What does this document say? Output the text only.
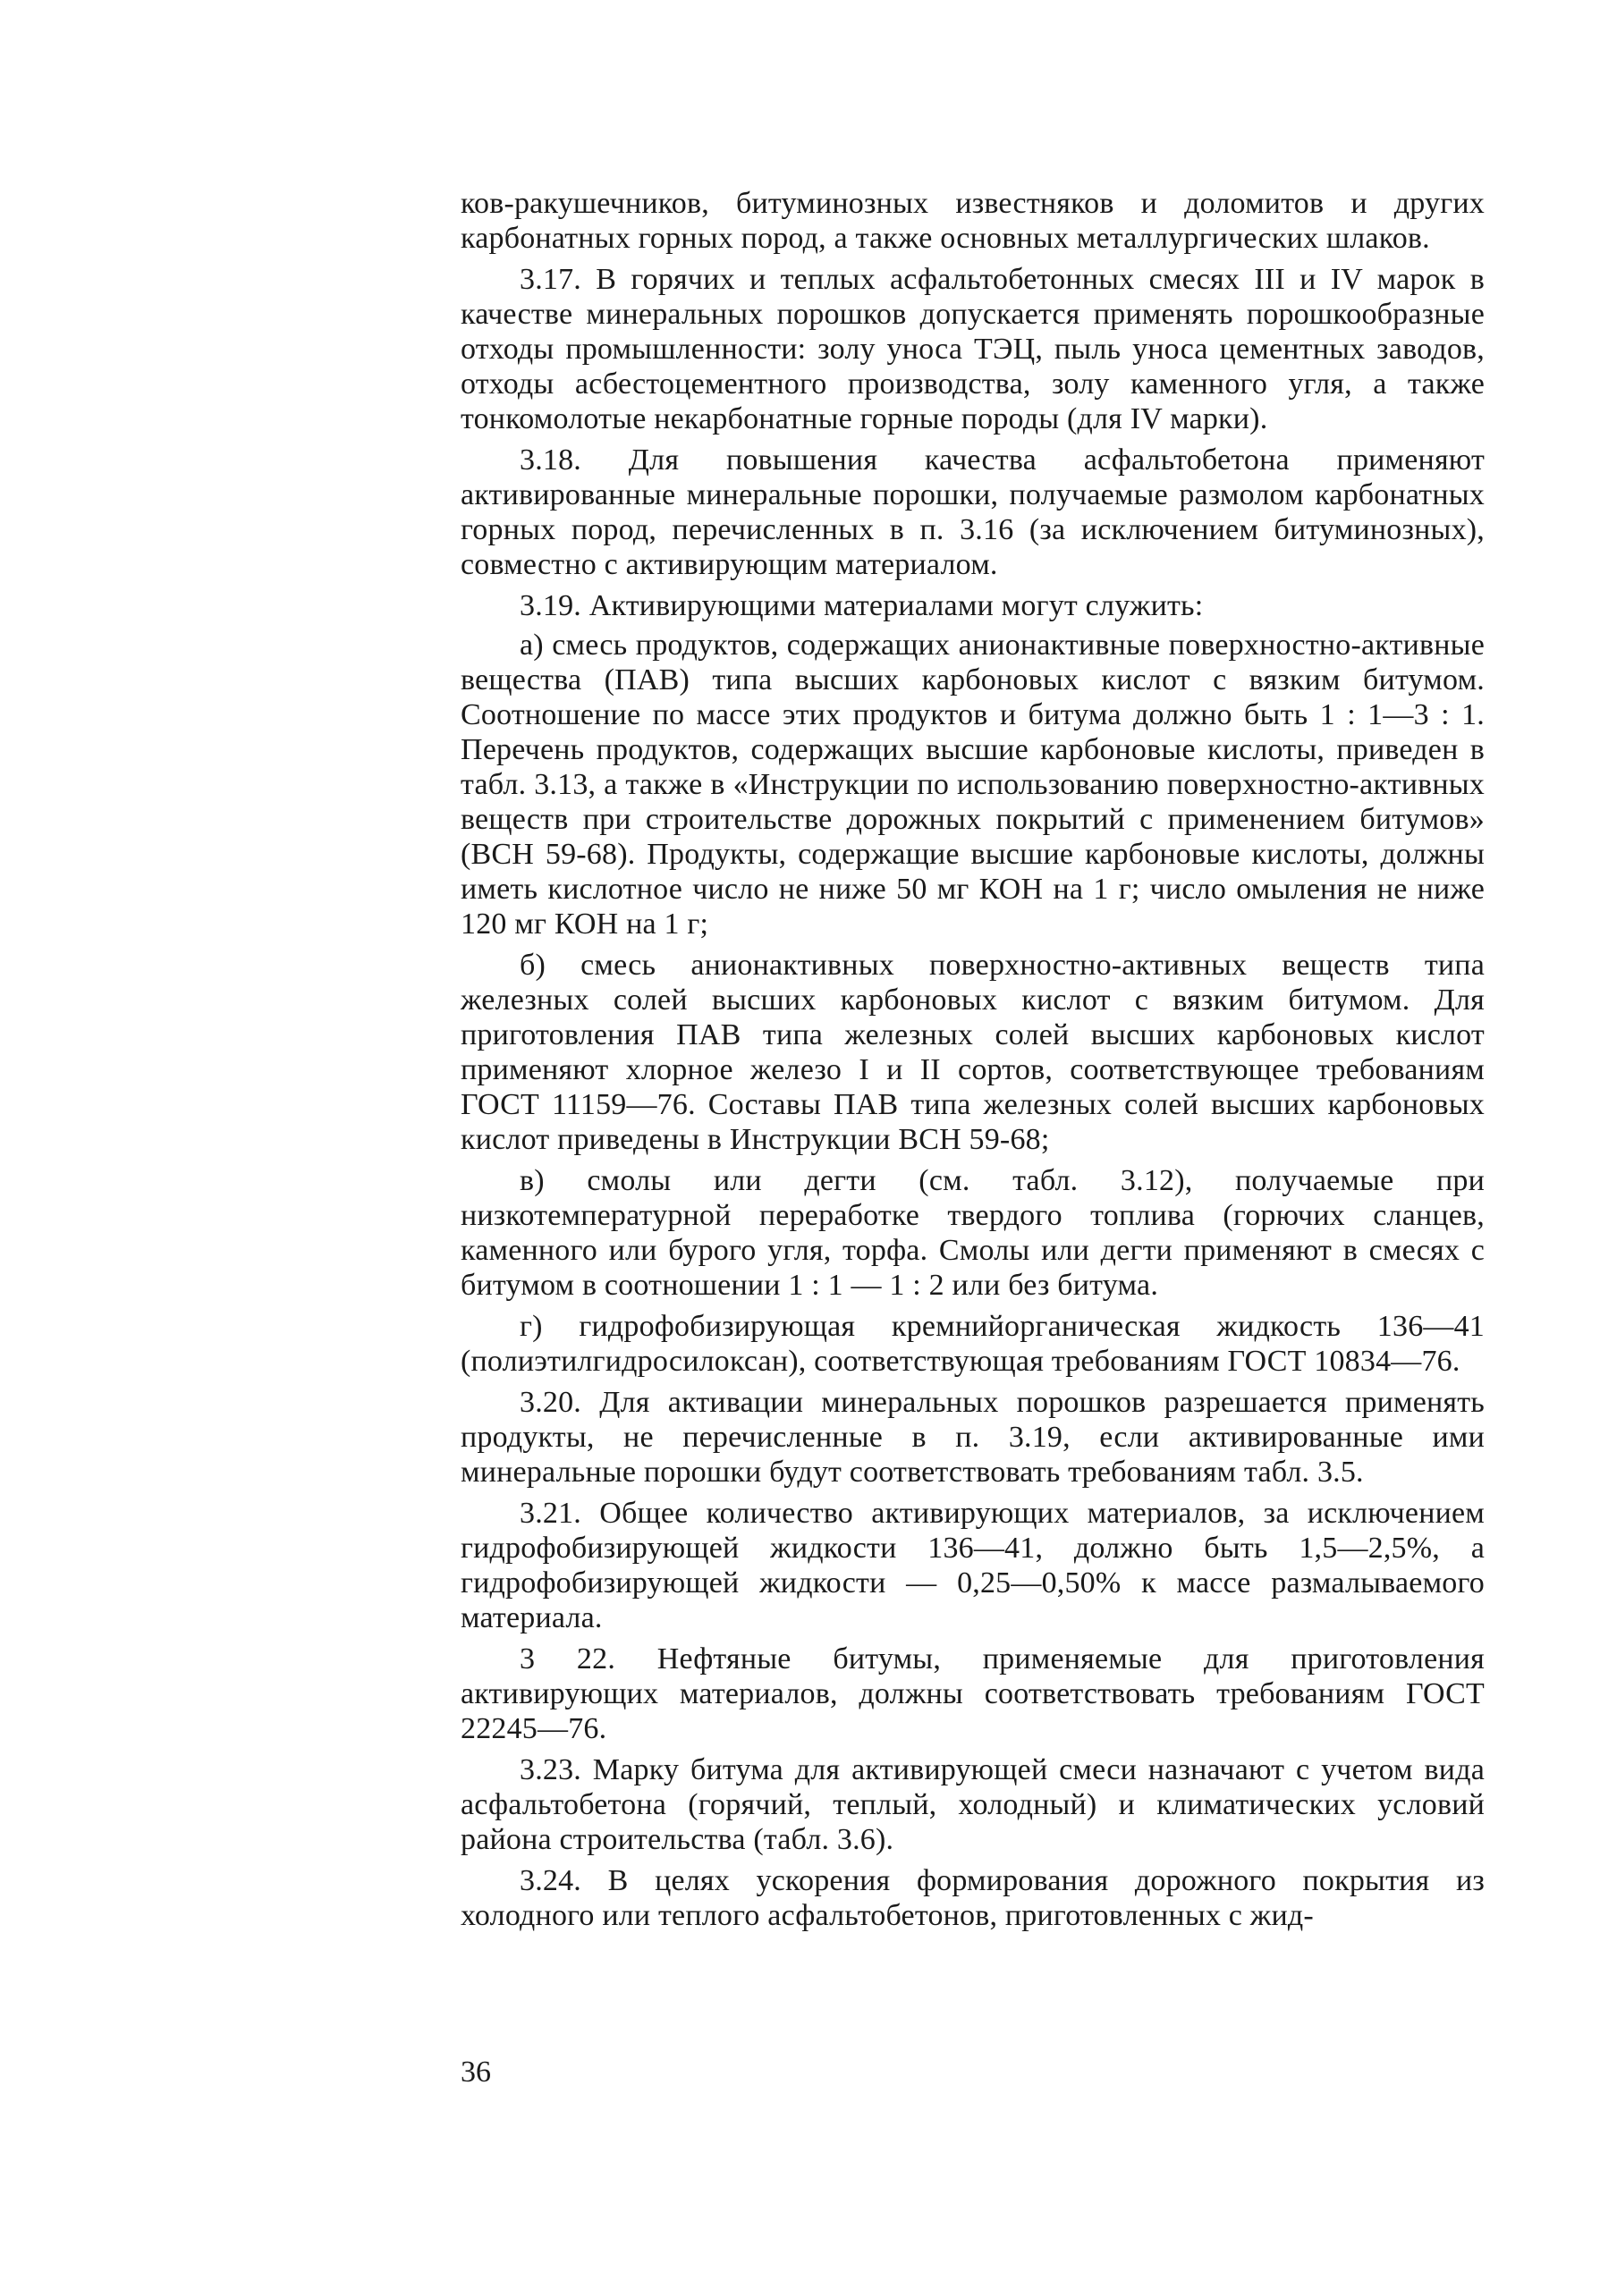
ков-ракушечников, битуминозных известняков и доломитов и других карбонатных горных пород, а также основных металлургических шлаков.

3.17. В горячих и теплых асфальтобетонных смесях III и IV марок в качестве минеральных порошков допускается применять порошкообразные отходы промышленности: золу уноса ТЭЦ, пыль уноса цементных заводов, отходы асбестоцементного производства, золу каменного угля, а также тонкомолотые некарбонатные горные породы (для IV марки).

3.18. Для повышения качества асфальтобетона применяют активированные минеральные порошки, получаемые размолом карбонатных горных пород, перечисленных в п. 3.16 (за исключением битуминозных), совместно с активирующим материалом.

3.19. Активирующими материалами могут служить:

а) смесь продуктов, содержащих анионактивные поверхностно-активные вещества (ПАВ) типа высших карбоновых кислот с вязким битумом. Соотношение по массе этих продуктов и битума должно быть 1 : 1—3 : 1. Перечень продуктов, содержащих высшие карбоновые кислоты, приведен в табл. 3.13, а также в «Инструкции по использованию поверхностно-активных веществ при строительстве дорожных покрытий с применением битумов» (ВСН 59-68). Продукты, содержащие высшие карбоновые кислоты, должны иметь кислотное число не ниже 50 мг КОН на 1 г; число омыления не ниже 120 мг КОН на 1 г;

б) смесь анионактивных поверхностно-активных веществ типа железных солей высших карбоновых кислот с вязким битумом. Для приготовления ПАВ типа железных солей высших карбоновых кислот применяют хлорное железо I и II сортов, соответствующее требованиям ГОСТ 11159—76. Составы ПАВ типа железных солей высших карбоновых кислот приведены в Инструкции ВСН 59-68;

в) смолы или дегти (см. табл. 3.12), получаемые при низкотемпературной переработке твердого топлива (горючих сланцев, каменного или бурого угля, торфа. Смолы или дегти применяют в смесях с битумом в соотношении 1 : 1 — 1 : 2 или без битума.

г) гидрофобизирующая кремнийорганическая жидкость 136—41 (полиэтилгидросилоксан), соответствующая требованиям ГОСТ 10834—76.

3.20. Для активации минеральных порошков разрешается применять продукты, не перечисленные в п. 3.19, если активированные ими минеральные порошки будут соответствовать требованиям табл. 3.5.

3.21. Общее количество активирующих материалов, за исключением гидрофобизирующей жидкости 136—41, должно быть 1,5—2,5%, а гидрофобизирующей жидкости — 0,25—0,50% к массе размалываемого материала.

3 22. Нефтяные битумы, применяемые для приготовления активирующих материалов, должны соответствовать требованиям ГОСТ 22245—76.

3.23. Марку битума для активирующей смеси назначают с учетом вида асфальтобетона (горячий, теплый, холодный) и климатических условий района строительства (табл. 3.6).

3.24. В целях ускорения формирования дорожного покрытия из холодного или теплого асфальтобетонов, приготовленных с жид-

36
